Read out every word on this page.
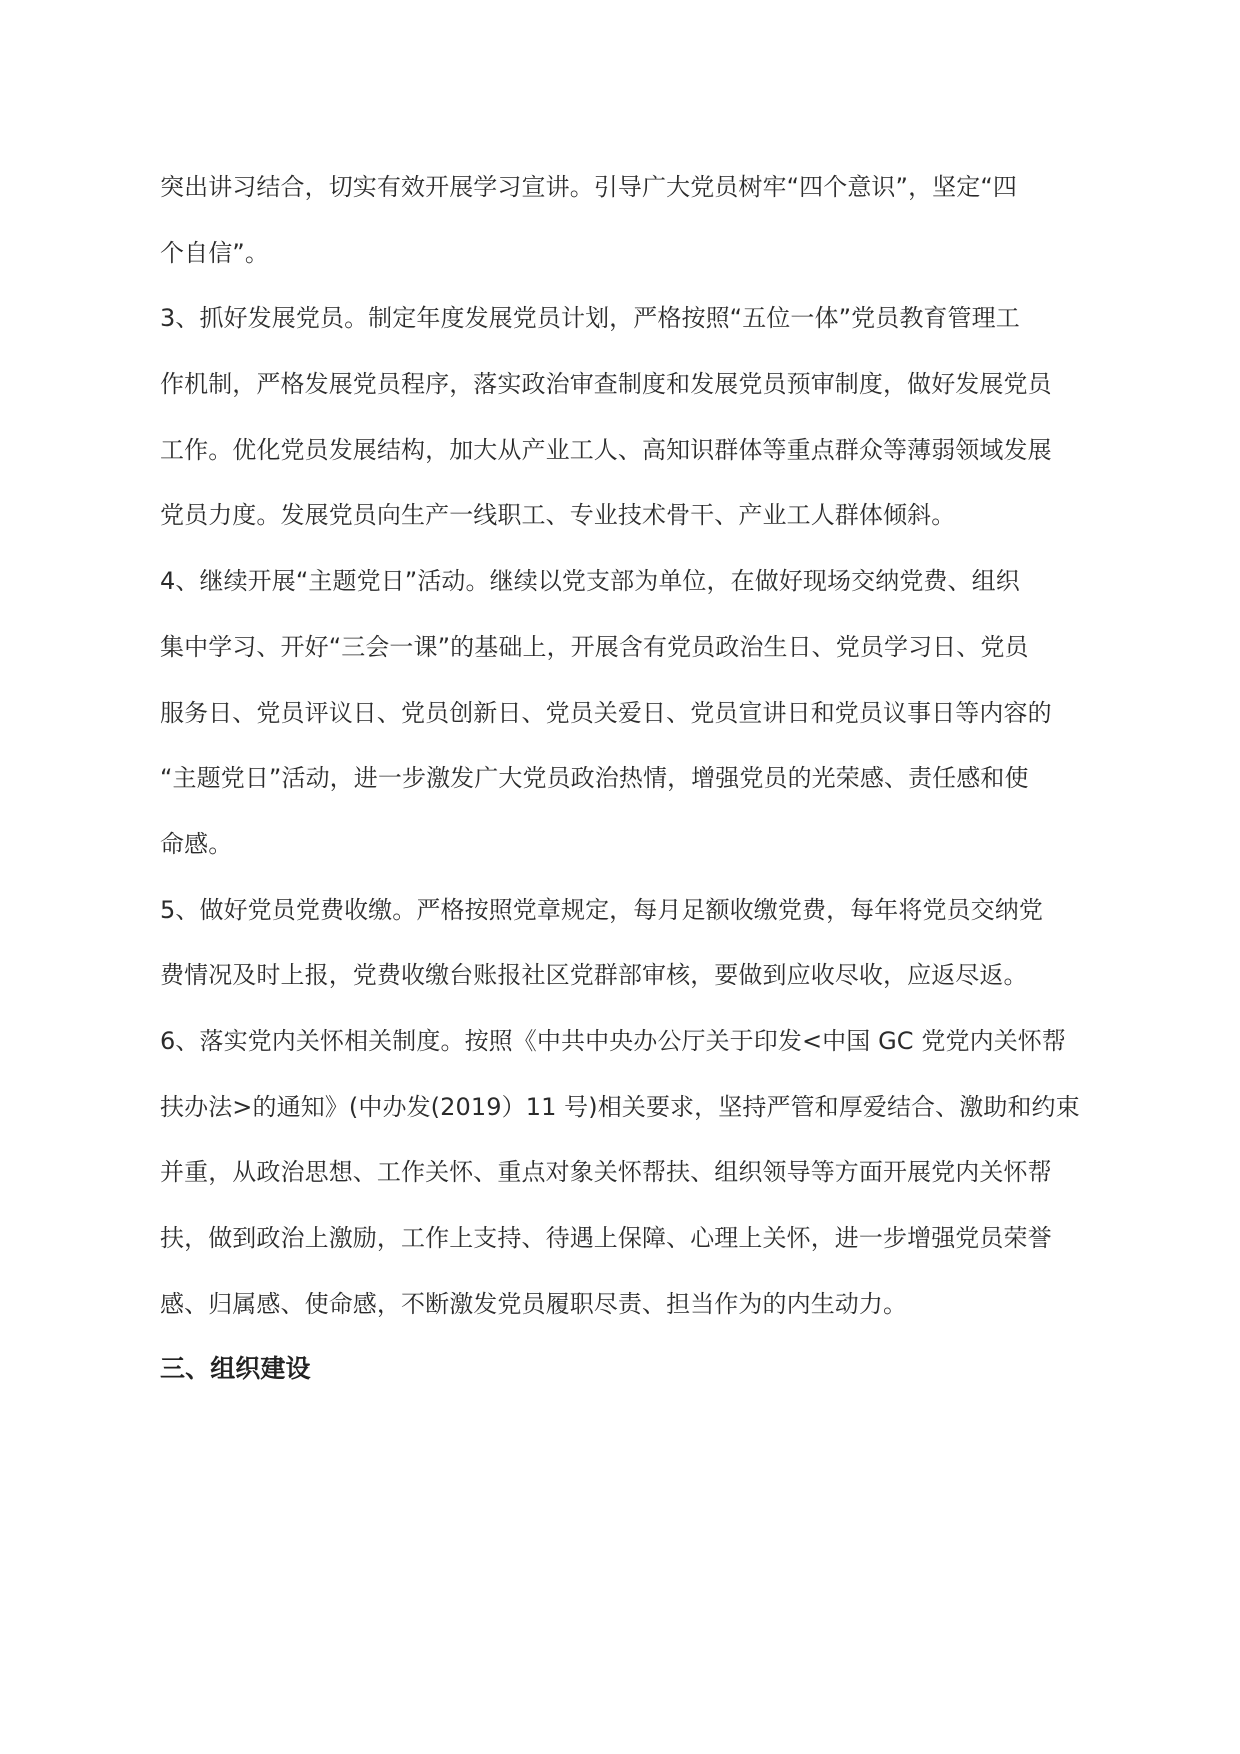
突出讲习结合，切实有效开展学习宣讲。引导广大党员树牢“四个意识”，坚定“四
个自信”。
3、抓好发展党员。制定年度发展党员计划，严格按照“五位一体”党员教育管理工
作机制，严格发展党员程序，落实政治审查制度和发展党员预审制度，做好发展党员
工作。优化党员发展结构，加大从产业工人、高知识群体等重点群众等薄弱领域发展
党员力度。发展党员向生产一线职工、专业技术骨干、产业工人群体倾斜。
4、继续开展“主题党日”活动。继续以党支部为单位，在做好现场交纳党费、组织
集中学习、开好“三会一课”的基础上，开展含有党员政治生日、党员学习日、党员
服务日、党员评议日、党员创新日、党员关爱日、党员宣讲日和党员议事日等内容的
“主题党日”活动，进一步激发广大党员政治热情，增强党员的光荣感、责任感和使
命感。
5、做好党员党费收缴。严格按照党章规定，每月足额收缴党费，每年将党员交纳党
费情况及时上报，党费收缴台账报社区党群部审核，要做到应收尽收，应返尽返。
6、落实党内关怀相关制度。按照《中共中央办公厅关于印发<中国 GC 党党内关怀帮
扶办法>的通知》(中办发(2019）11 号)相关要求，坚持严管和厚爱结合、激助和约束
并重，从政治思想、工作关怀、重点对象关怀帮扶、组织领导等方面开展党内关怀帮
扶，做到政治上激励，工作上支持、待遇上保障、心理上关怀，进一步增强党员荣誉
感、归属感、使命感，不断激发党员履职尽责、担当作为的内生动力。
三、组织建设
